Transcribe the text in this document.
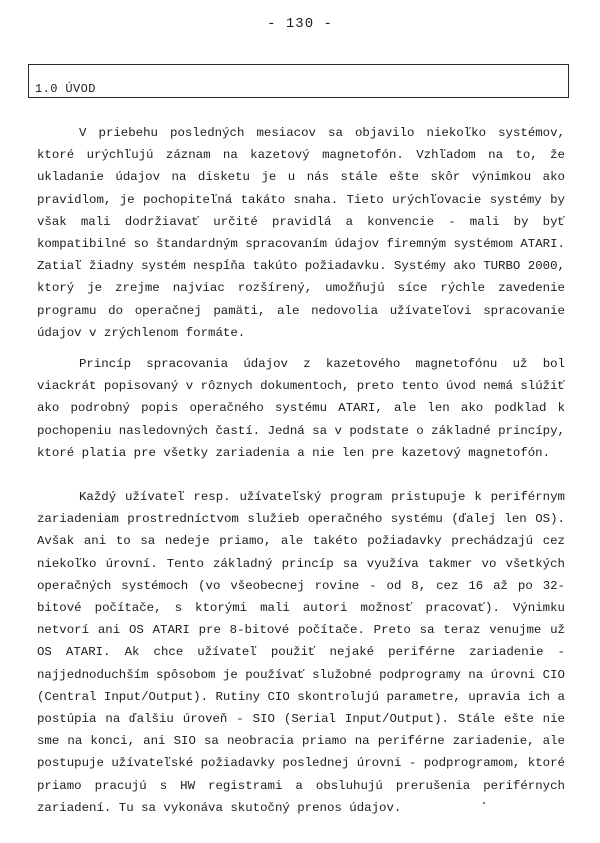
- 130 -
1.0 ÚVOD

V priebehu posledných mesiacov sa objavilo niekoľko systémov, ktoré urýchľujú záznam na kazetový magnetofón. Vzhľadom na to, že ukladanie údajov na disketu je u nás stále ešte skôr výnimkou ako pravidlom, je pochopiteľná takáto snaha. Tieto urýchľovacie systémy by však mali dodržiavať určité pravidlá a konvencie - mali by byť kompatibilné so štandardným spracovaním údajov firemným systémom ATARI. Zatiaľ žiadny systém nespĺňa takúto požiadavku. Systémy ako TURBO 2000, ktorý je zrejme najviac rozšírený, umožňujú síce rýchle zavedenie programu do operačnej pamäti, ale nedovolia užívateľovi spracovanie údajov v zrýchlenom formáte.

Princíp spracovania údajov z kazetového magnetofónu už bol viackrát popisovaný v rôznych dokumentoch, preto tento úvod nemá slúžiť ako podrobný popis operačného systému ATARI, ale len ako podklad k pochopeniu nasledovných častí. Jedná sa v podstate o základné princípy, ktoré platia pre všetky zariadenia a nie len pre kazetový magnetofón.

Každý užívateľ resp. užívateľský program pristupuje k periférnym zariadeniam prostredníctvom služieb operačného systému (ďalej len OS). Avšak ani to sa nedeje priamo, ale takéto požiadavky prechádzajú cez niekoľko úrovní. Tento základný princíp sa využíva takmer vo všetkých operačných systémoch (vo všeobecnej rovine - od 8, cez 16 až po 32-bitové počítače, s ktorými mali autori možnosť pracovať). Výnimku netvorí ani OS ATARI pre 8-bitové počítače. Preto sa teraz venujme už OS ATARI. Ak chce užívateľ použiť nejaké periférne zariadenie - najjednoduchším spôsobom je používať služobné podprogramy na úrovni CIO (Central Input/Output). Rutiny CIO skontrolujú parametre, upravia ich a postúpia na ďalšiu úroveň - SIO (Serial Input/Output). Stále ešte nie sme na konci, ani SIO sa neobracia priamo na periférne zariadenie, ale postupuje užívateľské požiadavky poslednej úrovni - podprogramom, ktoré priamo pracujú s HW registrami a obsluhujú prerušenia periférnych zariadení. Tu sa vykonáva skutočný prenos údajov.
